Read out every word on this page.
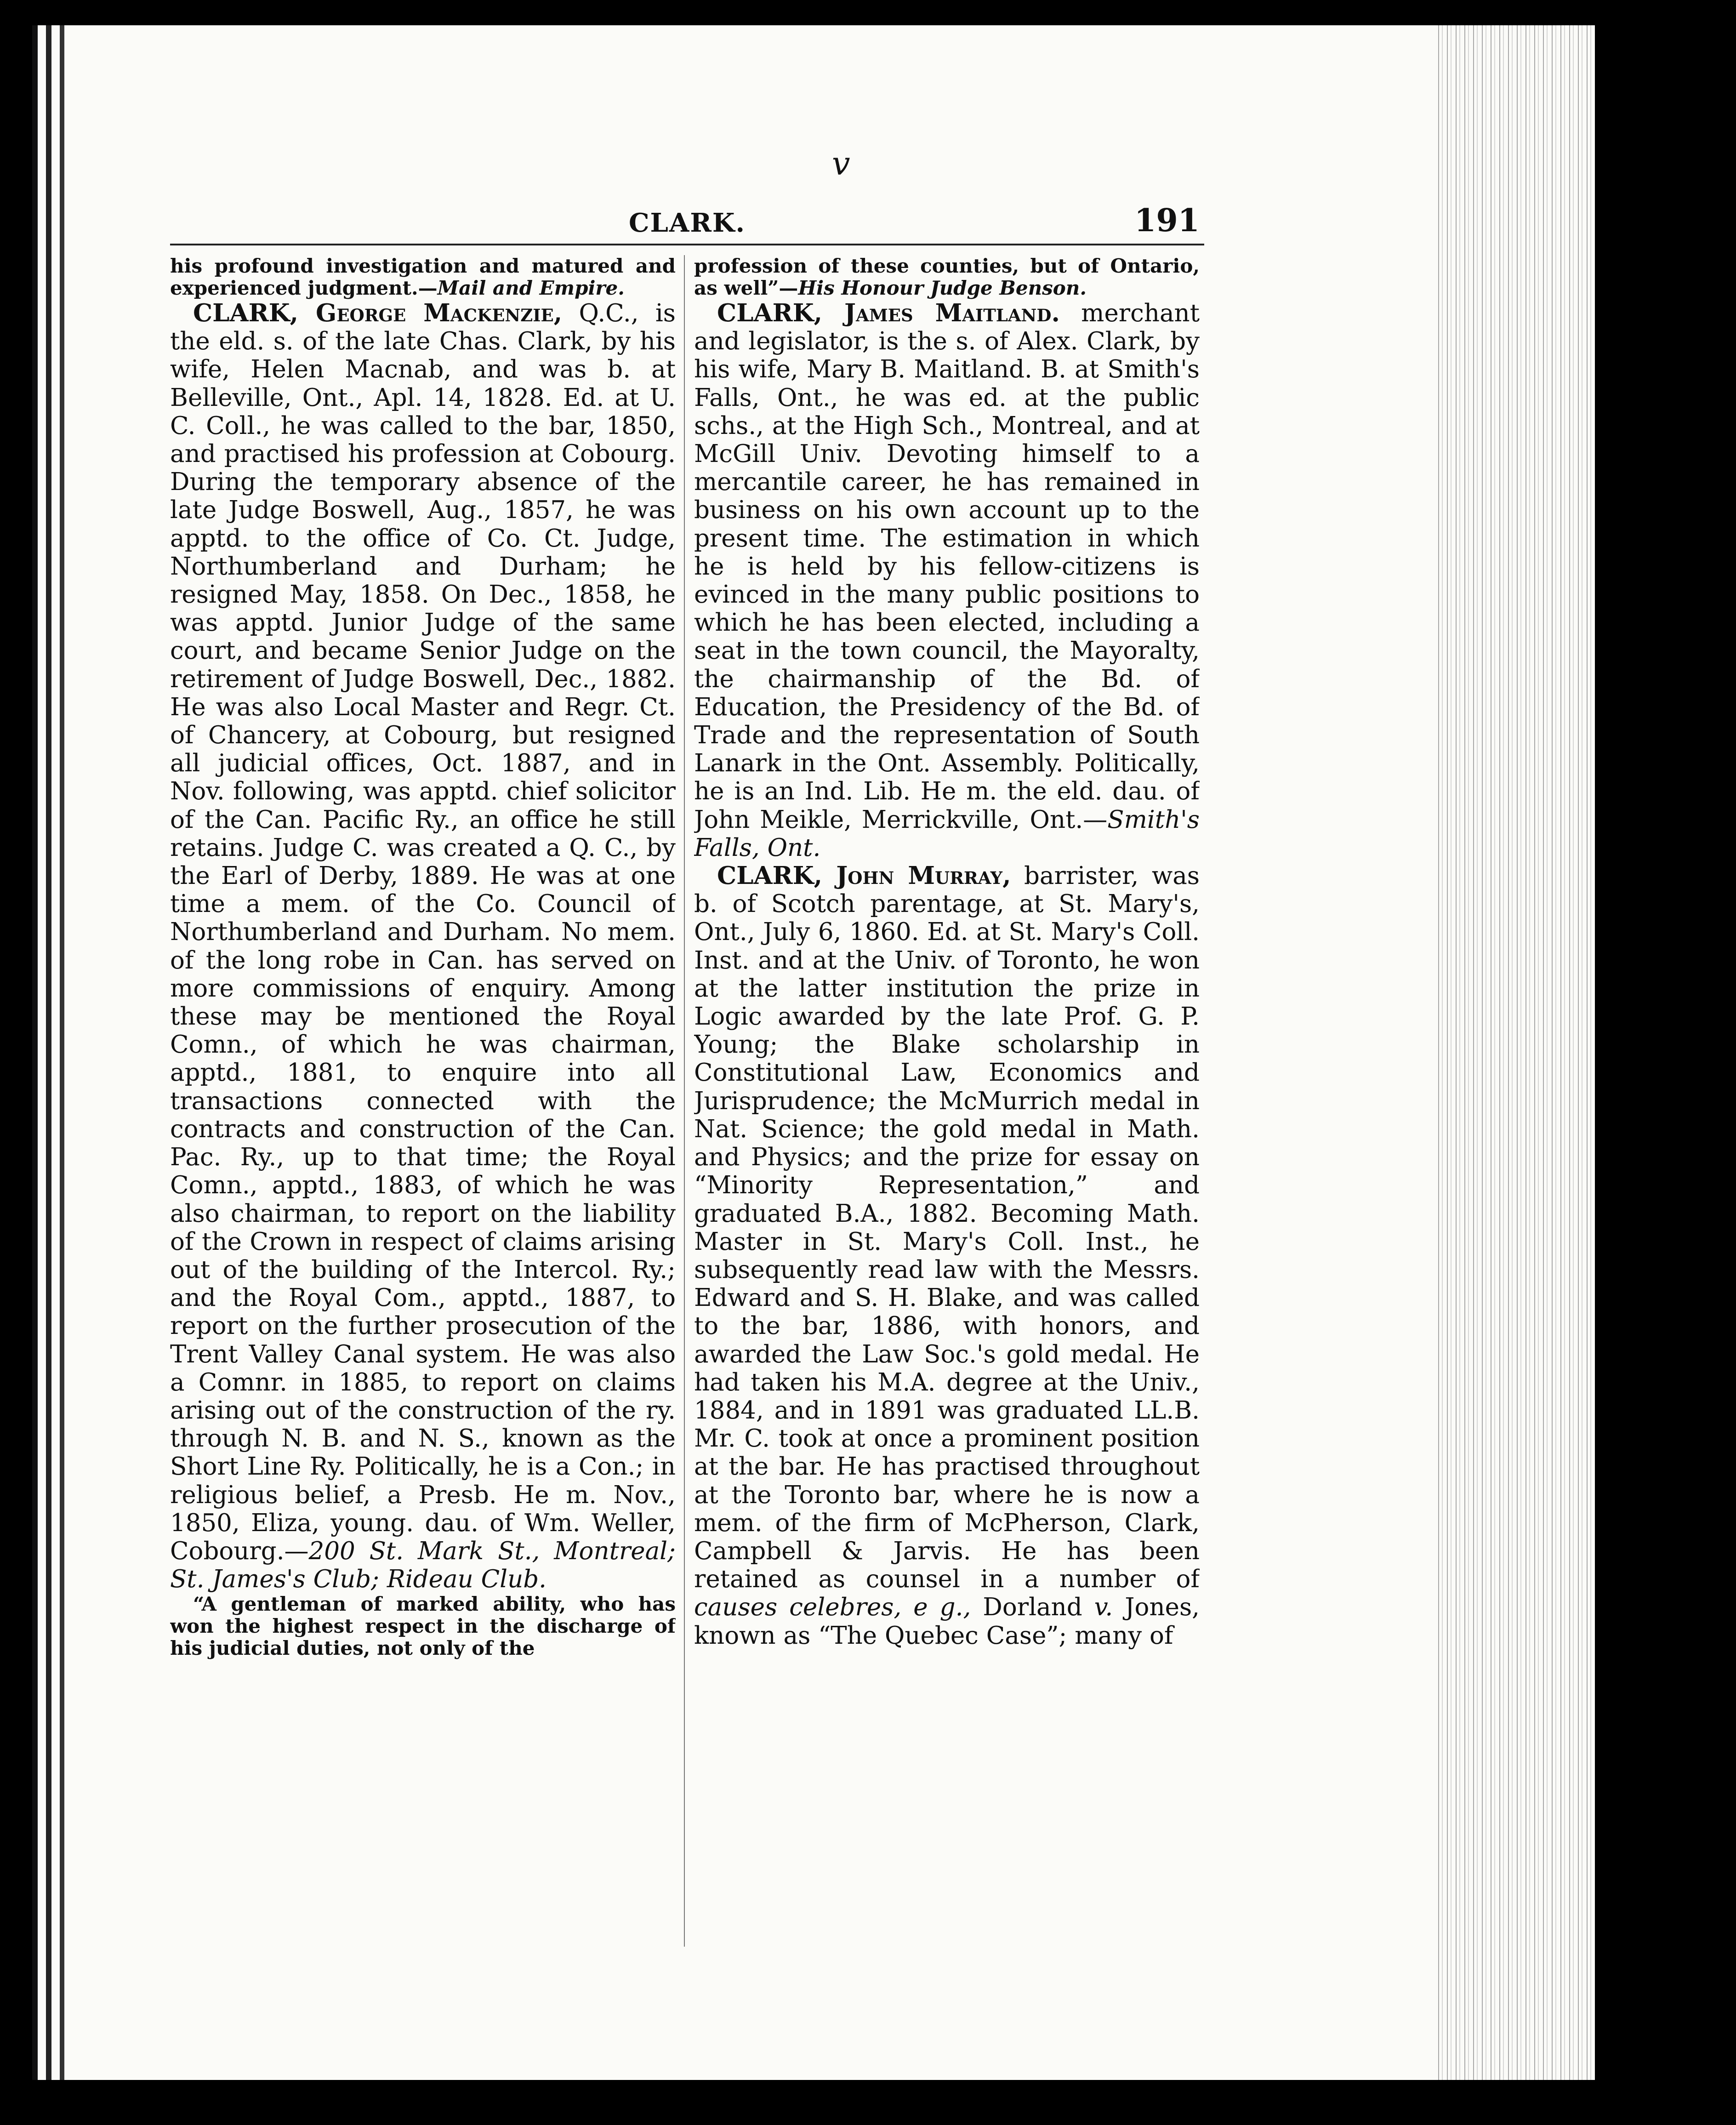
v
CLARK.	191

his profound investigation and matured and experienced judgment.—Mail and Empire.

CLARK, George Mackenzie, Q.C., is the eld. s. of the late Chas. Clark, by his wife, Helen Macnab, and was b. at Belleville, Ont., Apl. 14, 1828. Ed. at U. C. Coll., he was called to the bar, 1850, and practised his profession at Cobourg. During the temporary absence of the late Judge Boswell, Aug., 1857, he was apptd. to the office of Co. Ct. Judge, Northumberland and Durham; he resigned May, 1858. On Dec., 1858, he was apptd. Junior Judge of the same court, and became Senior Judge on the retirement of Judge Boswell, Dec., 1882. He was also Local Master and Regr. Ct. of Chancery, at Cobourg, but resigned all judicial offices, Oct. 1887, and in Nov. following, was apptd. chief solicitor of the Can. Pacific Ry., an office he still retains. Judge C. was created a Q. C., by the Earl of Derby, 1889. He was at one time a mem. of the Co. Council of Northumberland and Durham. No mem. of the long robe in Can. has served on more commissions of enquiry. Among these may be mentioned the Royal Comn., of which he was chairman, apptd., 1881, to enquire into all transactions connected with the contracts and construction of the Can. Pac. Ry., up to that time; the Royal Comn., apptd., 1883, of which he was also chairman, to report on the liability of the Crown in respect of claims arising out of the building of the Intercol. Ry.; and the Royal Com., apptd., 1887, to report on the further prosecution of the Trent Valley Canal system. He was also a Comnr. in 1885, to report on claims arising out of the construction of the ry. through N. B. and N. S., known as the Short Line Ry. Politically, he is a Con.; in religious belief, a Presb. He m. Nov., 1850, Eliza, young. dau. of Wm. Weller, Cobourg.—200 St. Mark St., Montreal; St. James's Club; Rideau Club.

“A gentleman of marked ability, who has won the highest respect in the discharge of his judicial duties, not only of the

profession of these counties, but of Ontario, as well”—His Honour Judge Benson.

CLARK, James Maitland. merchant and legislator, is the s. of Alex. Clark, by his wife, Mary B. Maitland. B. at Smith's Falls, Ont., he was ed. at the public schs., at the High Sch., Montreal, and at McGill Univ. Devoting himself to a mercantile career, he has remained in business on his own account up to the present time. The estimation in which he is held by his fellow-citizens is evinced in the many public positions to which he has been elected, including a seat in the town council, the Mayoralty, the chairmanship of the Bd. of Education, the Presidency of the Bd. of Trade and the representation of South Lanark in the Ont. Assembly. Politically, he is an Ind. Lib. He m. the eld. dau. of John Meikle, Merrickville, Ont.—Smith's Falls, Ont.

CLARK, John Murray, barrister, was b. of Scotch parentage, at St. Mary's, Ont., July 6, 1860. Ed. at St. Mary's Coll. Inst. and at the Univ. of Toronto, he won at the latter institution the prize in Logic awarded by the late Prof. G. P. Young; the Blake scholarship in Constitutional Law, Economics and Jurisprudence; the McMurrich medal in Nat. Science; the gold medal in Math. and Physics; and the prize for essay on “Minority Representation,” and graduated B.A., 1882. Becoming Math. Master in St. Mary's Coll. Inst., he subsequently read law with the Messrs. Edward and S. H. Blake, and was called to the bar, 1886, with honors, and awarded the Law Soc.'s gold medal. He had taken his M.A. degree at the Univ., 1884, and in 1891 was graduated LL.B. Mr. C. took at once a prominent position at the bar. He has practised throughout at the Toronto bar, where he is now a mem. of the firm of McPherson, Clark, Campbell & Jarvis. He has been retained as counsel in a number of causes celebres, e g., Dorland v. Jones, known as “The Quebec Case”; many of
